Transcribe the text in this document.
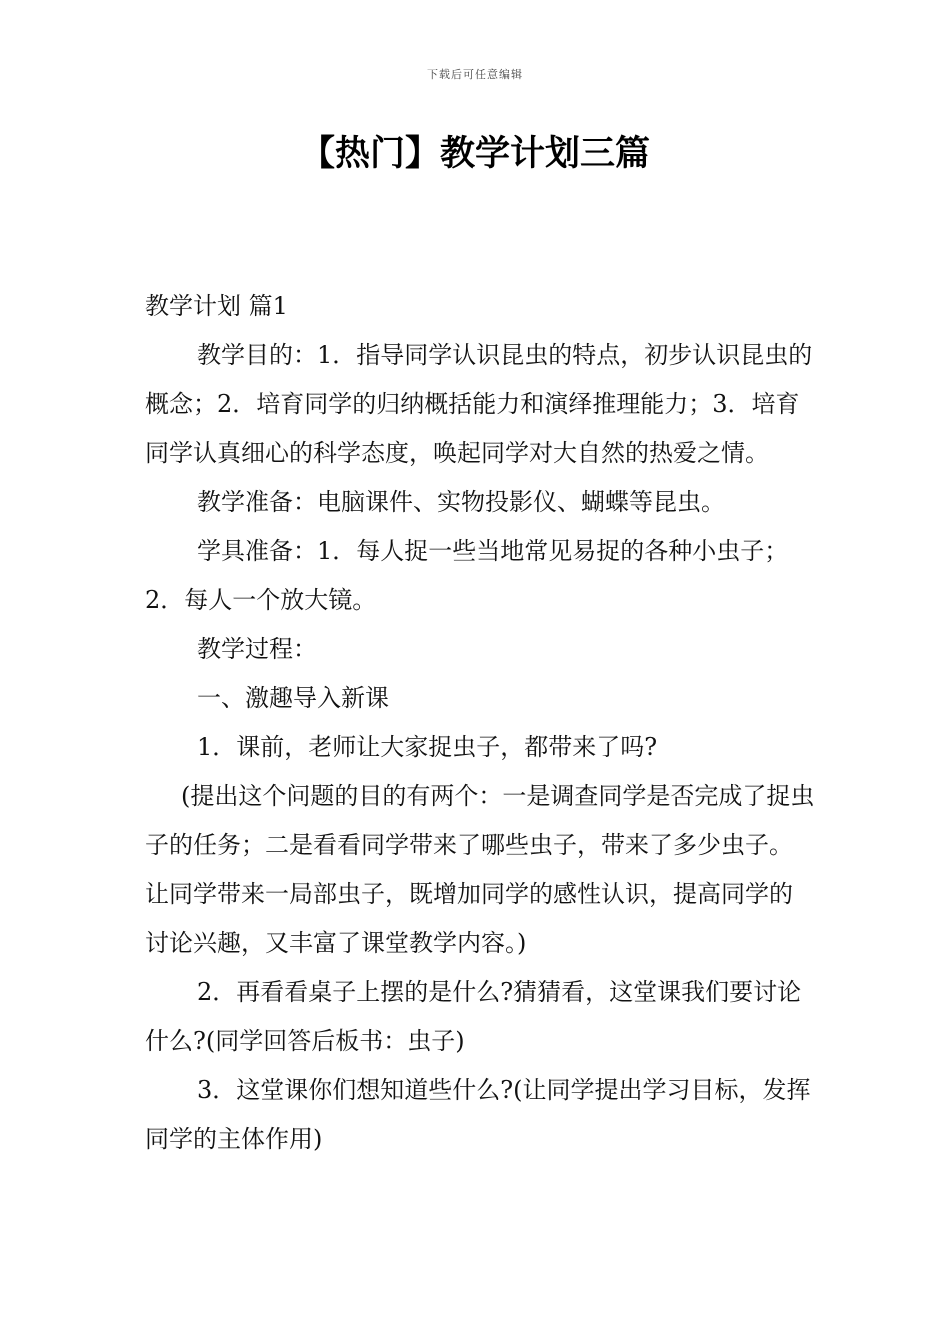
下载后可任意编辑
【热门】教学计划三篇

教学计划 篇1

教学目的：1．指导同学认识昆虫的特点，初步认识昆虫的概念；2．培育同学的归纳概括能力和演绎推理能力；3．培育同学认真细心的科学态度，唤起同学对大自然的热爱之情。

教学准备：电脑课件、实物投影仪、蝴蝶等昆虫。

学具准备：1．每人捉一些当地常见易捉的各种小虫子；2．每人一个放大镜。

教学过程：

一、激趣导入新课

1．课前，老师让大家捉虫子，都带来了吗?

(提出这个问题的目的有两个：一是调查同学是否完成了捉虫子的任务；二是看看同学带来了哪些虫子，带来了多少虫子。让同学带来一局部虫子，既增加同学的感性认识，提高同学的讨论兴趣，又丰富了课堂教学内容。)

2．再看看桌子上摆的是什么?猜猜看，这堂课我们要讨论什么?(同学回答后板书：虫子)

3．这堂课你们想知道些什么?(让同学提出学习目标，发挥同学的主体作用)
